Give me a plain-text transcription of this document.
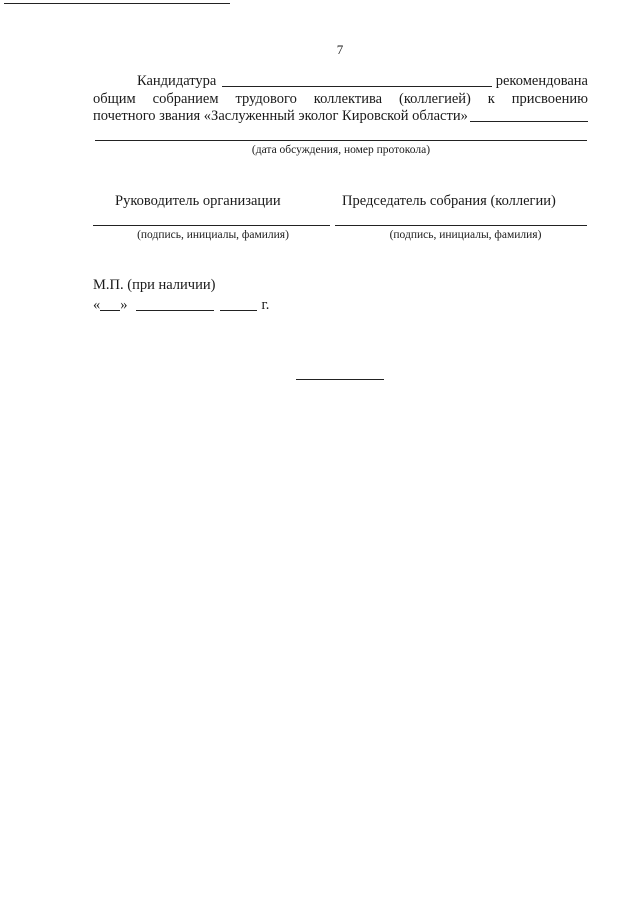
7
Кандидатура	рекомендована
общим собранием трудового коллектива (коллегией) к присвоению
почетного звания «Заслуженный эколог Кировской области»
(дата обсуждения, номер протокола)
Руководитель организации	Председатель собрания (коллегии)
(подпись, инициалы, фамилия)	(подпись, инициалы, фамилия)
М.П. (при наличии)
« »	г.
